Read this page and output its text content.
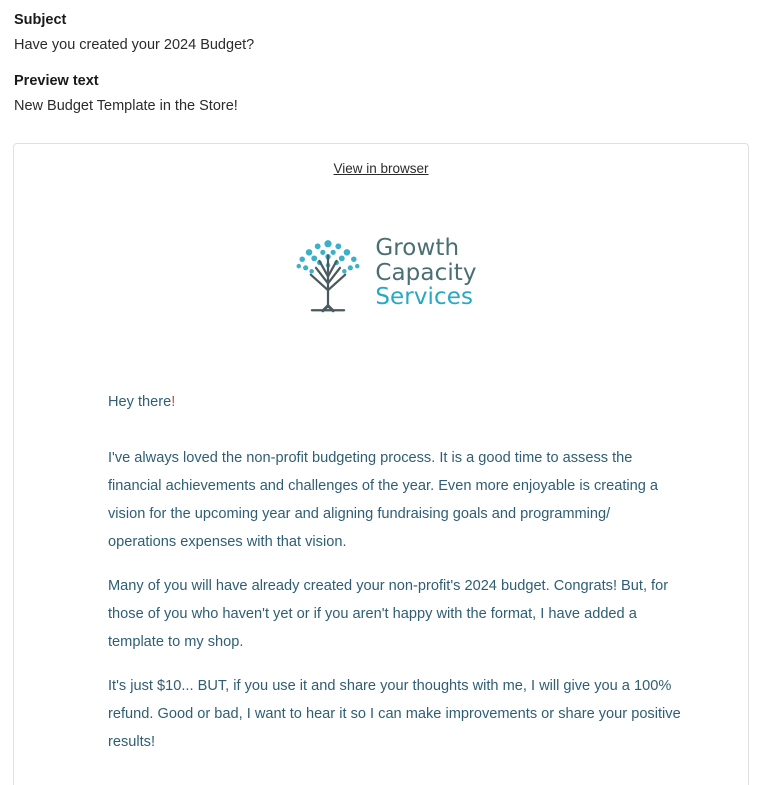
Subject

Have you created your 2024 Budget?

Preview text

New Budget Template in the Store!

View in browser
Growth
Capacity
Services

Hey there!

I've always loved the non-profit budgeting process. It is a good time to assess the financial achievements and challenges of the year. Even more enjoyable is creating a vision for the upcoming year and aligning fundraising goals and programming/ operations expenses with that vision.

Many of you will have already created your non-profit's 2024 budget. Congrats! But, for those of you who haven't yet or if you aren't happy with the format, I have added a template to my shop.

It's just $10... BUT, if you use it and share your thoughts with me, I will give you a 100% refund. Good or bad, I want to hear it so I can make improvements or share your positive results!
